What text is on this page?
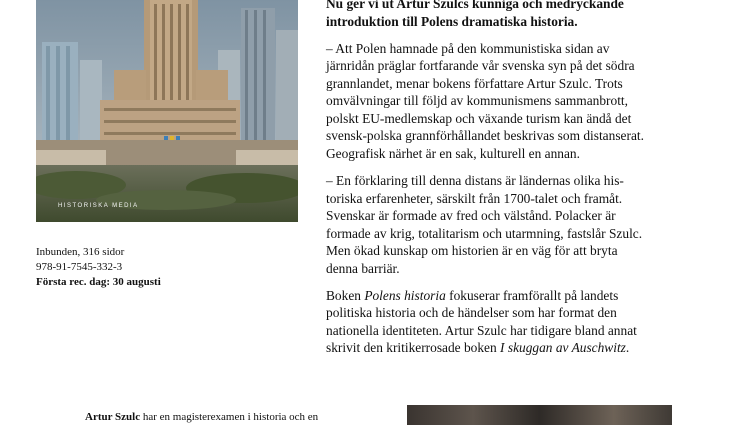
HISTORISKA MEDIA
Inbunden, 316 sidor
978-91-7545-332-3
Första rec. dag: 30 augusti

Nu ger vi ut Artur Szulcs kunniga och medryckande
introduktion till Polens dramatiska historia.

– Att Polen hamnade på den kommunistiska sidan av
järnridån präglar fortfarande vår svenska syn på det södra
grannlandet, menar bokens författare Artur Szulc. Trots
omvälvningar till följd av kommunismens sammanbrott,
polskt EU-medlemskap och växande turism kan ändå det
svensk-polska grannförhållandet beskrivas som distanserat.
Geografisk närhet är en sak, kulturell en annan.

– En förklaring till denna distans är ländernas olika his-
toriska erfarenheter, särskilt från 1700-talet och framåt.
Svenskar är formade av fred och välstånd. Polacker är
formade av krig, totalitarism och utarmning, fastslår Szulc.
Men ökad kunskap om historien är en väg för att bryta
denna barriär.

Boken Polens historia fokuserar framförallt på landets
politiska historia och de händelser som har format den
nationella identiteten. Artur Szulc har tidigare bland annat
skrivit den kritikerrosade boken I skuggan av Auschwitz.

Artur Szulc har en magisterexamen i historia och en
